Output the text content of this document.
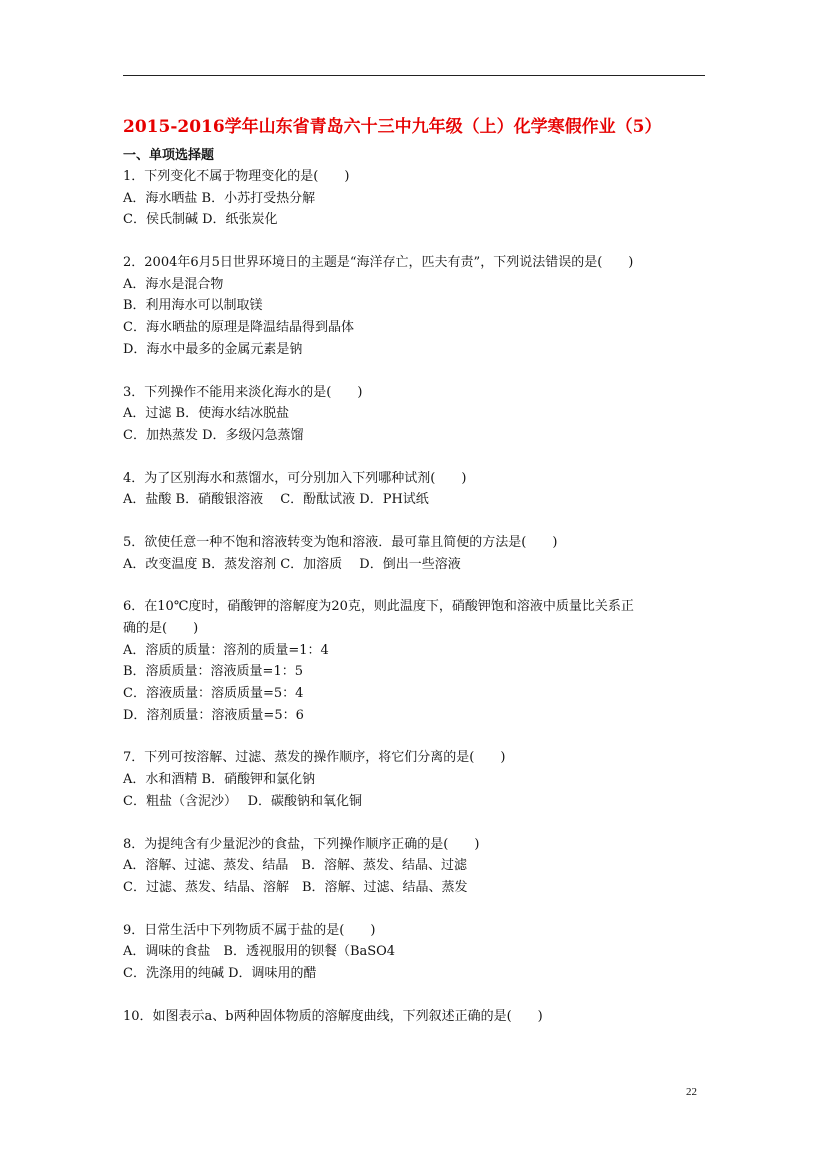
2015-2016学年山东省青岛六十三中九年级（上）化学寒假作业（5）
一、单项选择题
1．下列变化不属于物理变化的是(　　)
A．海水晒盐 B．小苏打受热分解
C．侯氏制碱 D．纸张炭化
2．2004年6月5日世界环境日的主题是“海洋存亡，匹夫有责”，下列说法错误的是(　　)
A．海水是混合物
B．利用海水可以制取镁
C．海水晒盐的原理是降温结晶得到晶体
D．海水中最多的金属元素是钠
3．下列操作不能用来淡化海水的是(　　)
A．过滤 B．使海水结冰脱盐
C．加热蒸发 D．多级闪急蒸馏
4．为了区别海水和蒸馏水，可分别加入下列哪种试剂(　　)
A．盐酸 B．硝酸银溶液　 C．酚酞试液 D．PH试纸
5．欲使任意一种不饱和溶液转变为饱和溶液．最可靠且简便的方法是(　　)
A．改变温度 B．蒸发溶剂 C．加溶质　 D．倒出一些溶液
6．在10℃度时，硝酸钾的溶解度为20克，则此温度下，硝酸钾饱和溶液中质量比关系正
确的是(　　)
A．溶质的质量：溶剂的质量=1：4
B．溶质质量：溶液质量=1：5
C．溶液质量：溶质质量=5：4
D．溶剂质量：溶液质量=5：6
7．下列可按溶解、过滤、蒸发的操作顺序，将它们分离的是(　　)
A．水和酒精 B．硝酸钾和氯化钠
C．粗盐（含泥沙）　 D．碳酸钠和氧化铜
8．为提纯含有少量泥沙的食盐，下列操作顺序正确的是(　　)
A．溶解、过滤、蒸发、结晶　B．溶解、蒸发、结晶、过滤
C．过滤、蒸发、结晶、溶解　B．溶解、过滤、结晶、蒸发
9．日常生活中下列物质不属于盐的是(　　)
A．调味的食盐　B．透视服用的钡餐（BaSO4
C．洗涤用的纯碱 D．调味用的醋
10．如图表示a、b两种固体物质的溶解度曲线，下列叙述正确的是(　　)
22
